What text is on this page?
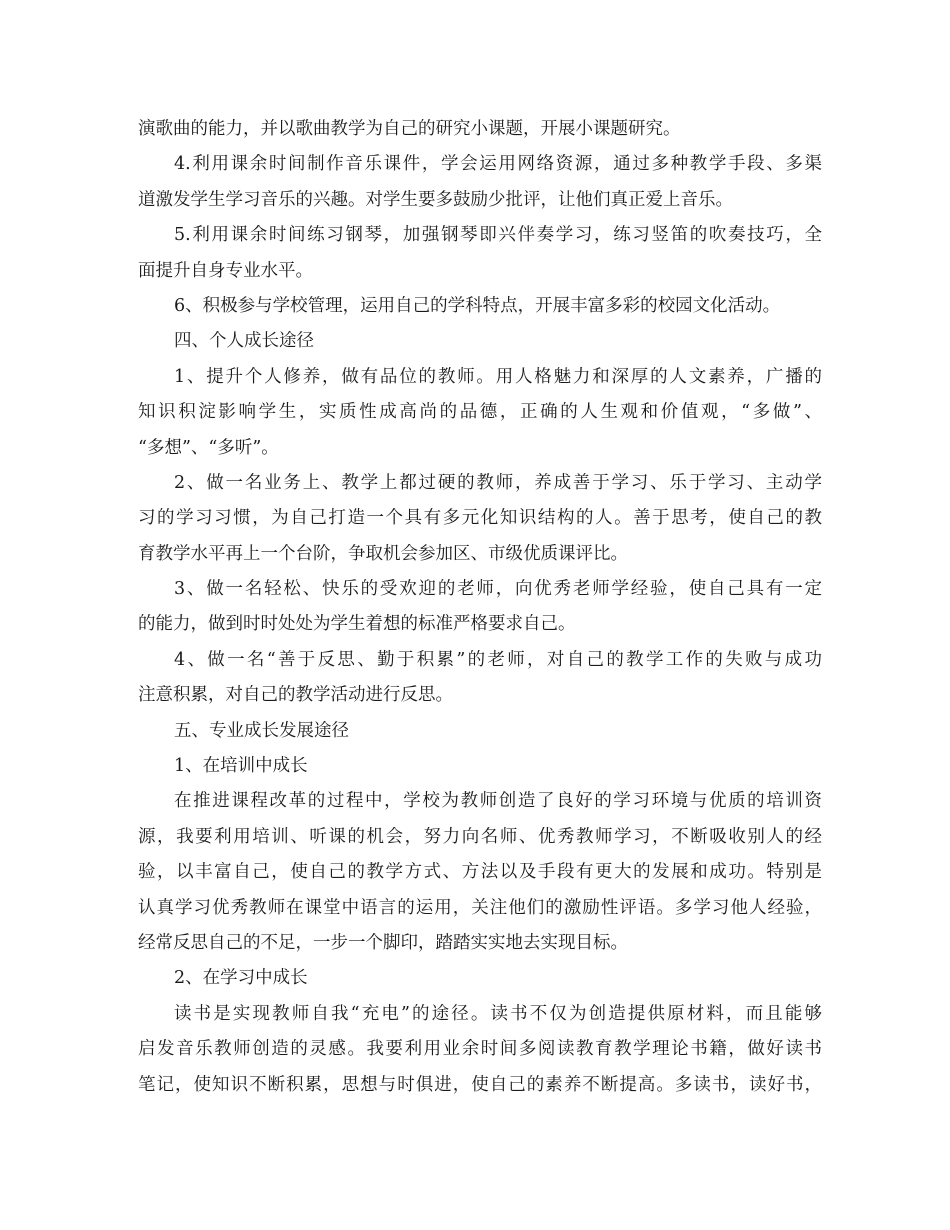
演歌曲的能力，并以歌曲教学为自己的研究小课题，开展小课题研究。
4.利用课余时间制作音乐课件，学会运用网络资源，通过多种教学手段、多渠
道激发学生学习音乐的兴趣。对学生要多鼓励少批评，让他们真正爱上音乐。
5.利用课余时间练习钢琴，加强钢琴即兴伴奏学习，练习竖笛的吹奏技巧，全
面提升自身专业水平。
6、积极参与学校管理，运用自己的学科特点，开展丰富多彩的校园文化活动。
四、个人成长途径
1、提升个人修养，做有品位的教师。用人格魅力和深厚的人文素养，广播的
知识积淀影响学生，实质性成高尚的品德，正确的人生观和价值观，“多做”、
“多想”、“多听”。
2、做一名业务上、教学上都过硬的教师，养成善于学习、乐于学习、主动学
习的学习习惯，为自己打造一个具有多元化知识结构的人。善于思考，使自己的教
育教学水平再上一个台阶，争取机会参加区、市级优质课评比。
3、做一名轻松、快乐的受欢迎的老师，向优秀老师学经验，使自己具有一定
的能力，做到时时处处为学生着想的标准严格要求自己。
4、做一名“善于反思、勤于积累”的老师，对自己的教学工作的失败与成功
注意积累，对自己的教学活动进行反思。
五、专业成长发展途径
1、在培训中成长
在推进课程改革的过程中，学校为教师创造了良好的学习环境与优质的培训资
源，我要利用培训、听课的机会，努力向名师、优秀教师学习，不断吸收别人的经
验，以丰富自己，使自己的教学方式、方法以及手段有更大的发展和成功。特别是
认真学习优秀教师在课堂中语言的运用，关注他们的激励性评语。多学习他人经验，
经常反思自己的不足，一步一个脚印，踏踏实实地去实现目标。
2、在学习中成长
读书是实现教师自我“充电”的途径。读书不仅为创造提供原材料，而且能够
启发音乐教师创造的灵感。我要利用业余时间多阅读教育教学理论书籍，做好读书
笔记，使知识不断积累，思想与时俱进，使自己的素养不断提高。多读书，读好书，
